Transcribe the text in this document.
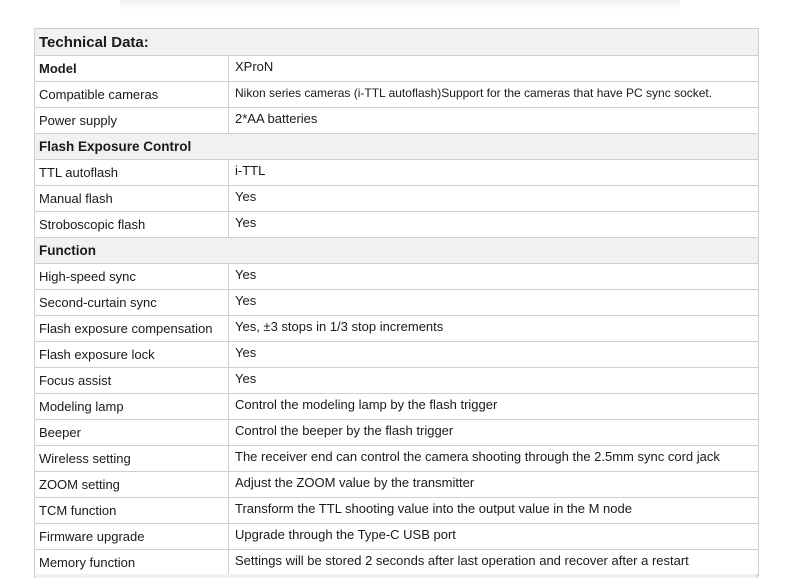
Technical Data:	
Model	XProN
Compatible cameras	Nikon series cameras (i-TTL autoflash)Support for the cameras that have PC sync socket.
Power supply	2*AA batteries
Flash Exposure Control	
TTL autoflash	i-TTL
Manual flash	Yes
Stroboscopic flash	Yes
Function	
High-speed sync	Yes
Second-curtain sync	Yes
Flash exposure compensation	Yes, ±3 stops in 1/3 stop increments
Flash exposure lock	Yes
Focus assist	Yes
Modeling lamp	Control the modeling lamp by the flash trigger
Beeper	Control the beeper by the flash trigger
Wireless setting	The receiver end can control the camera shooting through the 2.5mm sync cord jack
ZOOM setting	Adjust the ZOOM value by the transmitter
TCM function	Transform the TTL shooting value into the output value in the M node
Firmware upgrade	Upgrade through the Type-C USB port
Memory function	Settings will be stored 2 seconds after last operation and recover after a restart
